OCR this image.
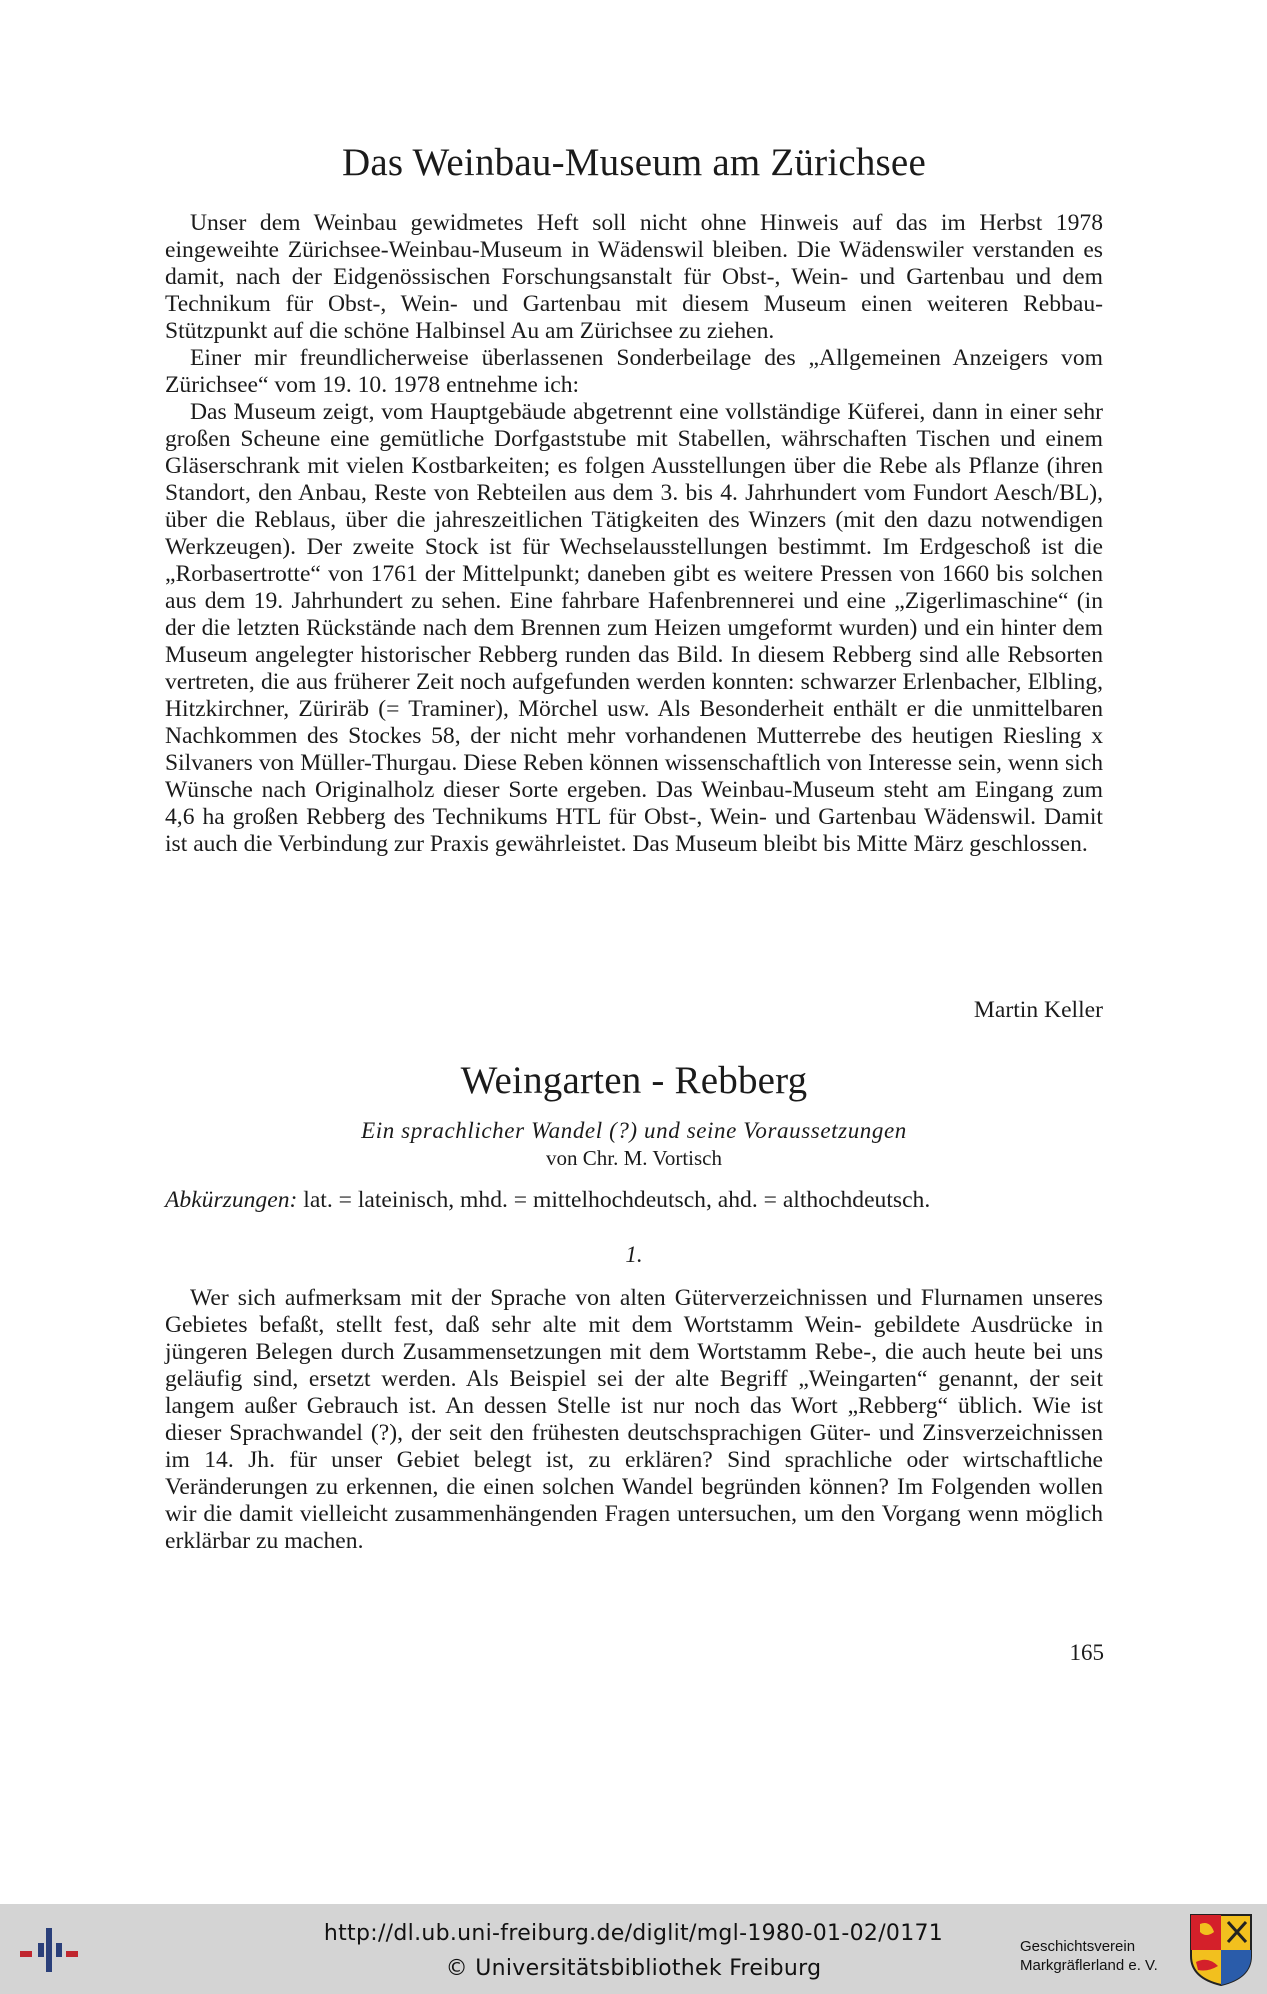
Das Weinbau-Museum am Zürichsee

Unser dem Weinbau gewidmetes Heft soll nicht ohne Hinweis auf das im Herbst 1978 eingeweihte Zürichsee-Weinbau-Museum in Wädenswil bleiben. Die Wädenswiler verstanden es damit, nach der Eidgenössischen Forschungsanstalt für Obst-, Wein- und Gartenbau und dem Technikum für Obst-, Wein- und Gartenbau mit diesem Museum einen weiteren Rebbau-Stützpunkt auf die schöne Halbinsel Au am Zürichsee zu ziehen.

Einer mir freundlicherweise überlassenen Sonderbeilage des „Allgemeinen Anzeigers vom Zürichsee“ vom 19. 10. 1978 entnehme ich:

Das Museum zeigt, vom Hauptgebäude abgetrennt eine vollständige Küferei, dann in einer sehr großen Scheune eine gemütliche Dorfgaststube mit Stabellen, währschaften Tischen und einem Gläserschrank mit vielen Kostbarkeiten; es folgen Ausstellungen über die Rebe als Pflanze (ihren Standort, den Anbau, Reste von Rebteilen aus dem 3. bis 4. Jahrhundert vom Fundort Aesch/BL), über die Reblaus, über die jahreszeitlichen Tätigkeiten des Winzers (mit den dazu notwendigen Werkzeugen). Der zweite Stock ist für Wechselausstellungen bestimmt. Im Erdgeschoß ist die „Rorbasertrotte“ von 1761 der Mittelpunkt; daneben gibt es weitere Pressen von 1660 bis solchen aus dem 19. Jahrhundert zu sehen. Eine fahrbare Hafenbrennerei und eine „Zigerlimaschine“ (in der die letzten Rückstände nach dem Brennen zum Heizen umgeformt wurden) und ein hinter dem Museum angelegter historischer Rebberg runden das Bild. In diesem Rebberg sind alle Rebsorten vertreten, die aus früherer Zeit noch aufgefunden werden konnten: schwarzer Erlenbacher, Elbling, Hitzkirchner, Züriräb (= Traminer), Mörchel usw. Als Besonderheit enthält er die unmittelbaren Nachkommen des Stockes 58, der nicht mehr vorhandenen Mutterrebe des heutigen Riesling x Silvaners von Müller-Thurgau. Diese Reben können wissenschaftlich von Interesse sein, wenn sich Wünsche nach Originalholz dieser Sorte ergeben. Das Weinbau-Museum steht am Eingang zum 4,6 ha großen Rebberg des Technikums HTL für Obst-, Wein- und Gartenbau Wädenswil. Damit ist auch die Verbindung zur Praxis gewährleistet. Das Museum bleibt bis Mitte März geschlossen.

Martin Keller
Weingarten - Rebberg
Ein sprachlicher Wandel (?) und seine Voraussetzungen
von Chr. M. Vortisch
Abkürzungen: lat. = lateinisch, mhd. = mittelhochdeutsch, ahd. = althochdeutsch.
1.

Wer sich aufmerksam mit der Sprache von alten Güterverzeichnissen und Flurnamen unseres Gebietes befaßt, stellt fest, daß sehr alte mit dem Wortstamm Wein- gebildete Ausdrücke in jüngeren Belegen durch Zusammensetzungen mit dem Wortstamm Rebe-, die auch heute bei uns geläufig sind, ersetzt werden. Als Beispiel sei der alte Begriff „Weingarten“ genannt, der seit langem außer Gebrauch ist. An dessen Stelle ist nur noch das Wort „Rebberg“ üblich. Wie ist dieser Sprachwandel (?), der seit den frühesten deutschsprachigen Güter- und Zinsverzeichnissen im 14. Jh. für unser Gebiet belegt ist, zu erklären? Sind sprachliche oder wirtschaftliche Veränderungen zu erkennen, die einen solchen Wandel begründen können? Im Folgenden wollen wir die damit vielleicht zusammenhängenden Fragen untersuchen, um den Vorgang wenn möglich erklärbar zu machen.

165
http://dl.ub.uni-freiburg.de/diglit/mgl-1980-01-02/0171
© Universitätsbibliothek Freiburg
Geschichtsverein
Markgräflerland e. V.
